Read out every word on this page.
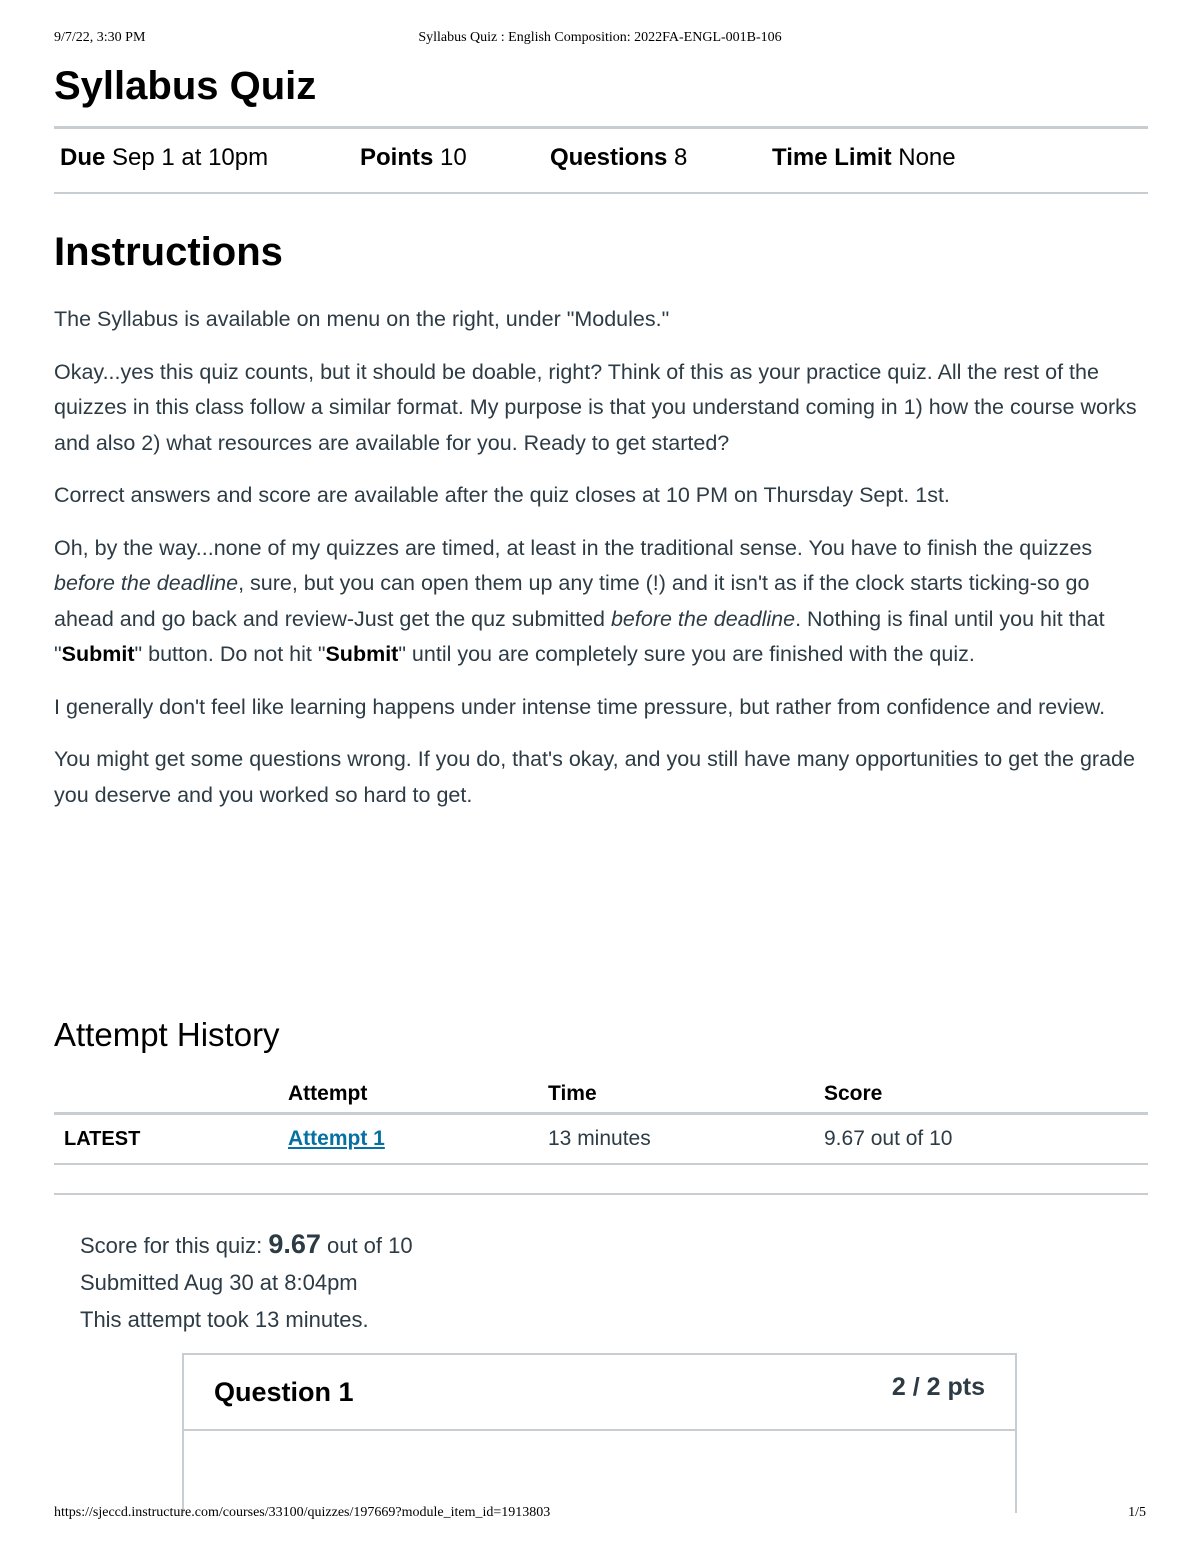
9/7/22, 3:30 PM	Syllabus Quiz : English Composition: 2022FA-ENGL-001B-106
Syllabus Quiz
Due Sep 1 at 10pm	Points 10	Questions 8	Time Limit None
Instructions

The Syllabus is available on menu on the right, under "Modules."

Okay...yes this quiz counts, but it should be doable, right? Think of this as your practice quiz. All the rest of the quizzes in this class follow a similar format. My purpose is that you understand coming in 1) how the course works and also 2) what resources are available for you. Ready to get started?

Correct answers and score are available after the quiz closes at 10 PM on Thursday Sept. 1st.

Oh, by the way...none of my quizzes are timed, at least in the traditional sense. You have to finish the quizzes before the deadline, sure, but you can open them up any time (!) and it isn't as if the clock starts ticking-so go ahead and go back and review-Just get the quz submitted before the deadline. Nothing is final until you hit that "Submit" button. Do not hit "Submit" until you are completely sure you are finished with the quiz.

I generally don't feel like learning happens under intense time pressure, but rather from confidence and review.

You might get some questions wrong. If you do, that's okay, and you still have many opportunities to get the grade you deserve and you worked so hard to get.

Attempt History
	Attempt	Time	Score
LATEST	Attempt 1	13 minutes	9.67 out of 10
Score for this quiz: 9.67 out of 10
Submitted Aug 30 at 8:04pm
This attempt took 13 minutes.
Question 1	2 / 2 pts
https://sjeccd.instructure.com/courses/33100/quizzes/197669?module_item_id=1913803	1/5
